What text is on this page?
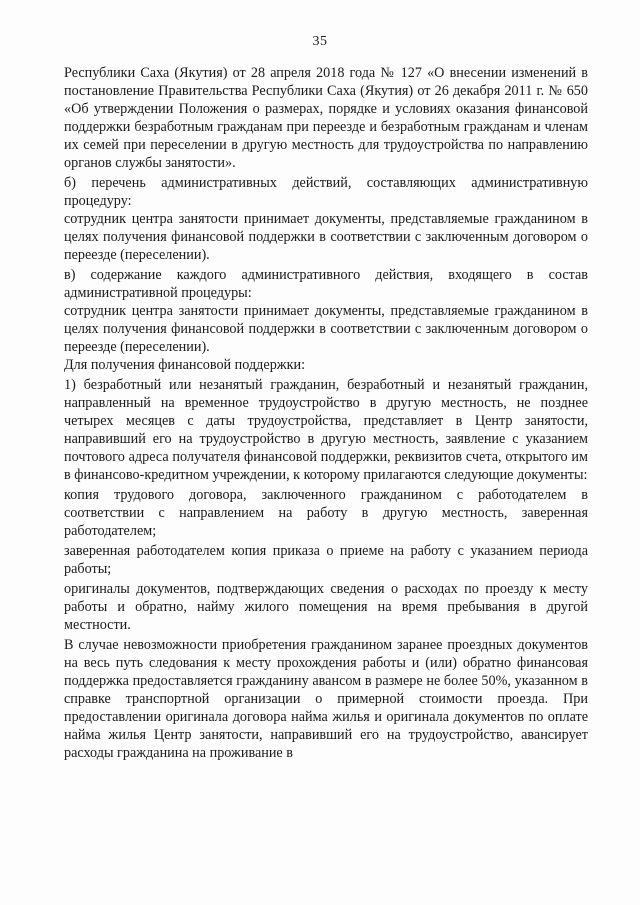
35

Республики Саха (Якутия) от 28 апреля 2018 года № 127 «О внесении изменений в постановление Правительства Республики Саха (Якутия) от 26 декабря 2011 г. № 650 «Об утверждении Положения о размерах, порядке и условиях оказания финансовой поддержки безработным гражданам при переезде и безработным гражданам и членам их семей при переселении в другую местность для трудоустройства по направлению органов службы занятости».

б) перечень административных действий, составляющих административную процедуру:

сотрудник центра занятости принимает документы, представляемые гражданином в целях получения финансовой поддержки в соответствии с заключенным договором о переезде (переселении).

в) содержание каждого административного действия, входящего в состав административной процедуры:

сотрудник центра занятости принимает документы, представляемые гражданином в целях получения финансовой поддержки в соответствии с заключенным договором о переезде (переселении).

Для получения финансовой поддержки:

1) безработный или незанятый гражданин, безработный и незанятый гражданин, направленный на временное трудоустройство в другую местность, не позднее четырех месяцев с даты трудоустройства, представляет в Центр занятости, направивший его на трудоустройство в другую местность, заявление с указанием почтового адреса получателя финансовой поддержки, реквизитов счета, открытого им в финансово-кредитном учреждении, к которому прилагаются следующие документы:

копия трудового договора, заключенного гражданином с работодателем в соответствии с направлением на работу в другую местность, заверенная работодателем;

заверенная работодателем копия приказа о приеме на работу с указанием периода работы;

оригиналы документов, подтверждающих сведения о расходах по проезду к месту работы и обратно, найму жилого помещения на время пребывания в другой местности.

В случае невозможности приобретения гражданином заранее проездных документов на весь путь следования к месту прохождения работы и (или) обратно финансовая поддержка предоставляется гражданину авансом в размере не более 50%, указанном в справке транспортной организации о примерной стоимости проезда. При предоставлении оригинала договора найма жилья и оригинала документов по оплате найма жилья Центр занятости, направивший его на трудоустройство, авансирует расходы гражданина на проживание в
